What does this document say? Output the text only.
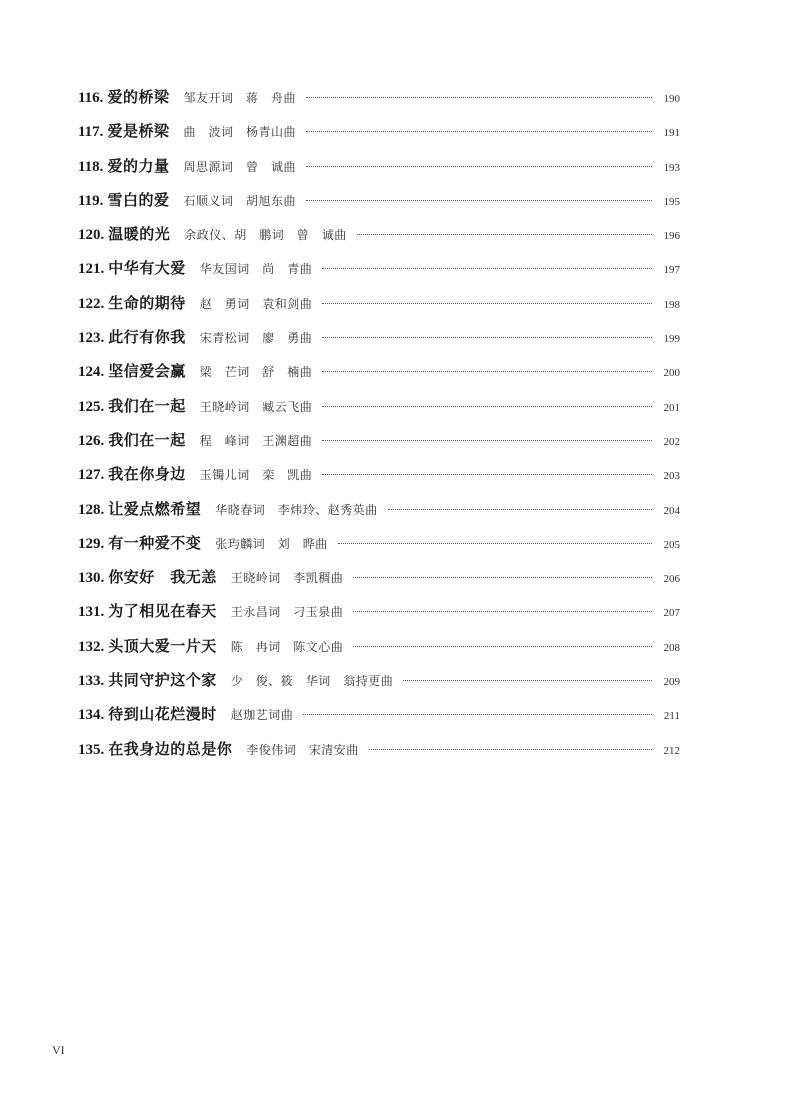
116. 爱的桥梁 邹友开词　蒋　舟曲	190
117. 爱是桥梁 曲　波词　杨青山曲	191
118. 爱的力量 周思源词　曾　诚曲	193
119. 雪白的爱 石顺义词　胡旭东曲	195
120. 温暖的光 余政仪、胡　鹏词　曾　诚曲	196
121. 中华有大爱 华友国词　尚　青曲	197
122. 生命的期待 赵　勇词　袁和剑曲	198
123. 此行有你我 宋青松词　廖　勇曲	199
124. 坚信爱会赢 梁　芒词　舒　楠曲	200
125. 我们在一起 王晓岭词　臧云飞曲	201
126. 我们在一起 程　峰词　王渊超曲	202
127. 我在你身边 玉镯儿词　栾　凯曲	203
128. 让爱点燃希望 华晓春词　李炜玲、赵秀英曲	204
129. 有一种爱不变 张玙麟词　刘　晔曲	205
130. 你安好　我无恙 王晓岭词　李凯稠曲	206
131. 为了相见在春天 王永昌词　刁玉泉曲	207
132. 头顶大爱一片天 陈　冉词　陈文心曲	208
133. 共同守护这个家 少　俊、筱　华词　翁持更曲	209
134. 待到山花烂漫时 赵珈艺词曲	211
135. 在我身边的总是你 李俊伟词　宋清安曲	212
VI
